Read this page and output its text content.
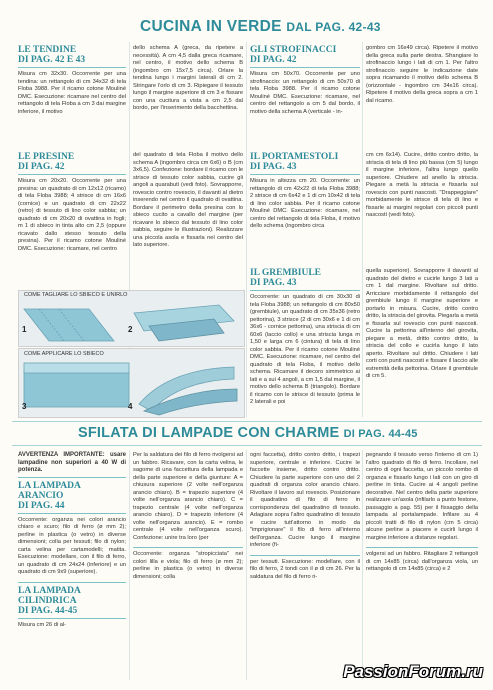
CUCINA IN VERDE DAL PAG. 42-43
LE TENDINE
DI PAG. 42 E 43
Misura cm 32x30. Occorrente per una tendina: un rettangolo di cm 34x32 di tela Floba 3988. Per il ricamo cotone Mouliné DMC. Esecuzione: ricamare nel centro del rettangolo di tela Floba a cm 3 dai margine inferiore, il motivo
dello schema A (greca, da ripetere a necessità). A cm 4,5 dalla greca ricamare, nel centro, il motivo dello schema B (ingombro cm 15x7,5 circa). Orlare la tendina lungo i margini laterali di cm 2. Stringare l'orlo di cm 3. Ripiegare il tessuto lungo il margine superiore di cm 3 e fissare con una cucitura a vista a cm 2,5 dal bordo, per l'inserimento della bacchettina.
GLI STROFINACCI
DI PAG. 42
Misura cm 50x70. Occorrente per uno strofinaccio: un rettangolo di cm 50x70 di tela Floba 3988. Per il ricamo cotone Mouliné DMC. Esecuzione: ricamare, nel centro del rettangolo a cm 5 dal bordo, il motivo della schema A (verticale - in-
gombro cm 16x49 circa). Ripetere il motivo della greca sulla parte destra. Sfrangiare lo strofinaccio lungo i lati di cm 1. Per l'altro strofinaccio seguire le indicazione date sopra ricamando il motivo dello schema B (orizzontale - ingombro cm 34x16 circa). Ripetere il motivo della greca sopra a cm 1 dal ricamo.
LE PRESINE
DI PAG. 42
Misura cm 20x20. Occorrente per una presina: un quadrato di cm 12x12 (ricamo) di tela Floba 3988; 4 strisce di cm 16x6 (cornice) e un quadrato di cm 22x22 (retro) di tessuto di lino color sabbia; un quadrato di cm 20x20 di ovattina in fogli; m 1 di sbieco in tinta alto cm 2,5 (oppure ricavato dallo stesso tessuto della presina). Per il ricamo cotone Mouliné DMC. Esecuzione: ricamare, nel centro
del quadrato di tela Floba il motivo dello schema A (ingombro circa cm 6x6) o B (cm 3x6,5). Confezione: bordare il ricamo con le strisce di tessuto color sabbia, cucire gli angoli a quarabuti (vedi foto). Sovrapporre, rovescio contro rovescio, il davanti al dietro inserendo nel centro il quadrato di ovattina. Bordare il perimetro della presina con lo sbieco cucito a cavallo del margine (per ricavare lo sbieco dal tessuto di lino color sabbia, seguire le illustrazioni). Realizzare una piccola asola e fissarla nel centro del lato superiore.
IL PORTAMESTOLI
DI PAG. 43
Misura in altezza cm 20. Occorrente: un rettangolo di cm 42x22 di tela Floba 3988; 2 strisce di cm 6x42 e 1 di cm 10x42 di tela di lino color sabbia. Per il ricamo cotone Mouliné DMC. Esecuzione: ricamare, nel centro del rettangolo di tela Floba, il motivo dello schema (ingombro circa
cm cm 6x14). Cucire, dritto contro dritto, la striscia di tela di lino più bassa (cm 5) lungo il margine inferiore, l'altra lungo quello superiore. Chiudere ad anello la striscia. Piegare a metà la striscia e fissarla sul rovescio con punti nascosti. "Drappeggiare" morbidamente le strisce di tela di lino e fissarle ai margini regolari con piccoli punti nascosti (vedi foto).
COME TAGLIARE LO SBIECO E UNIRLO
1	2
COME APPLICARE LO SBIECO
3	4
IL GREMBIULE
DI PAG. 43
Occorrente: un quadrato di cm 30x30 di tela Floba 3988; un rettangolo di cm 80x50 (grembiule), un quadrato di cm 35x36 (retro pettorina), 3 strisce (2 di cm 30x6 e 1 di cm 36x6 - cornice pettorina), una striscia di cm 60x6 (laccio collo) e una striscia lunga m 1,50 e larga cm 6 (cintura) di tela di lino color sabbia. Per il ricamo cotone Mouliné DMC. Esecuzione: ricamare, nel centro del quadrato di tela Floba, il motivo dello schema. Ricamare il decoro simmetrico ai lati e a sui 4 angoli, a cm 1,5 dal margine, il motivo dello schema B (triangolo). Bordare il ricamo con le strisce di tessuto (prima le 2 laterali e poi
quella superiore). Sovrapporre il davanti al quadrato del dietro e cucirle lungo 3 lati a cm 1 dal margine. Rivoltare sul dritto. Arricciare morbidamente il rettangolo del grembiule lungo il margine superiore e portarlo in misura. Cucire, dritto contro dritto, la striscia del girovita. Piegarla a metà e fissarla sul rovescio con punti nascosti. Cucire la pettorina all'interno del girovita, piegare a metà, dritto contro dritto, la striscia del collo e cucirla lungo il lato aperto. Rivoltare sul dritto. Chiudere i lati corti con punti nascosti e fissare il laccio alle estremità della pettorina. Orlare il grembiule di cm 5.
SFILATA DI LAMPADE CON CHARME DI PAG. 44-45
AVVERTENZA IMPORTANTE: usare lampadine non superiori a 40 W di potenza.
LA LAMPADA ARANCIO
DI PAG. 44
Occorrente: organza nei colori arancio chiaro e scuro; filo di ferro (ø mm 2); perline in plastica (o vetro) in diverse dimensioni; colla per tessuti; filo di nylon; carta velina per cartamodelli; matita. Esecuzione: modellare, con il filo di ferro, un quadrato di cm 24x24 (inferiore) e un quadrato di cm 9x9 (superiore).
LA LAMPADA CILINDRICA
DI PAG. 44-45
Misura cm 26 di al-
Per la saldatura dei filo di ferro rivolgersi ad un fabbro. Ricavare, con la carta velina, le sagome di una faccettura della lampada e della parte superiore e della giunture: A = chiusura superiore (2 volte nell'organza arancio chiaro). B = trapezio superiore (4 volte nell'organza arancio chiaro). C = trapezio centrale (4 volte nell'organza arancio chiaro). D = trapezio inferiore (4 volte nell'organza arancio). E = rombo centrale (4 volte nell'organza scuro). Confezione: unire tra loro (per
Occorrente: organza "stropicciata" nei colori lilla e viola; filo di ferro (ø mm 2); perline in plastica (o vetro) in diverse dimensioni; colla
ogni faccetta), dritto contro dritto, i trapezi superiore, centrale e inferiore. Cucire le faccette insieme, dritto contro dritto. Chiudere la parte superiore con uno dei 2 quadrati di organza color arancio chiaro. Rivoltare il lavoro sul rovescio. Posizionare il quadratino di filo di ferro in corrispondenza del quadratino di tessuto. Adagiare sopra l'altro quadratino di tessuto e cucire tutt'attorno in modo da "imprigionare" il filo di ferro all'interno dell'organza. Cucire lungo il margine inferiore (fi-
per tessuti. Esecuzione: modellare, con il filo di ferro, 2 tondi con il ø di cm 26. Per la saldatura del filo di ferro ri-
pegnando il tessuto verso l'interno di cm 1) l'altro quadrato di filo di ferro. Incollare, nel centro di ogni faccetta, un piccolo rombo di organza e fissarlo lungo i lati con un giro di perline in tinta. Cucire ai 4 angoli perline decorative. Nel centro della parte superiore realizzare un'asola (infilarlo a punto festone, passaggio a pag. 55) per il fissaggio della lampada al portalampade. Infilare su 4 piccoli tratti di filo di nylon (cm 5 circa) alcune perline a piacere e cucirli lungo il margine inferiore a distanze regolari.
volgersi ad un fabbro. Ritagliare 2 rettangoli di cm 14x85 (circa) dall'organza viola, un rettangolo di cm 14x85 (circa) e 2
PassionForum.ru
